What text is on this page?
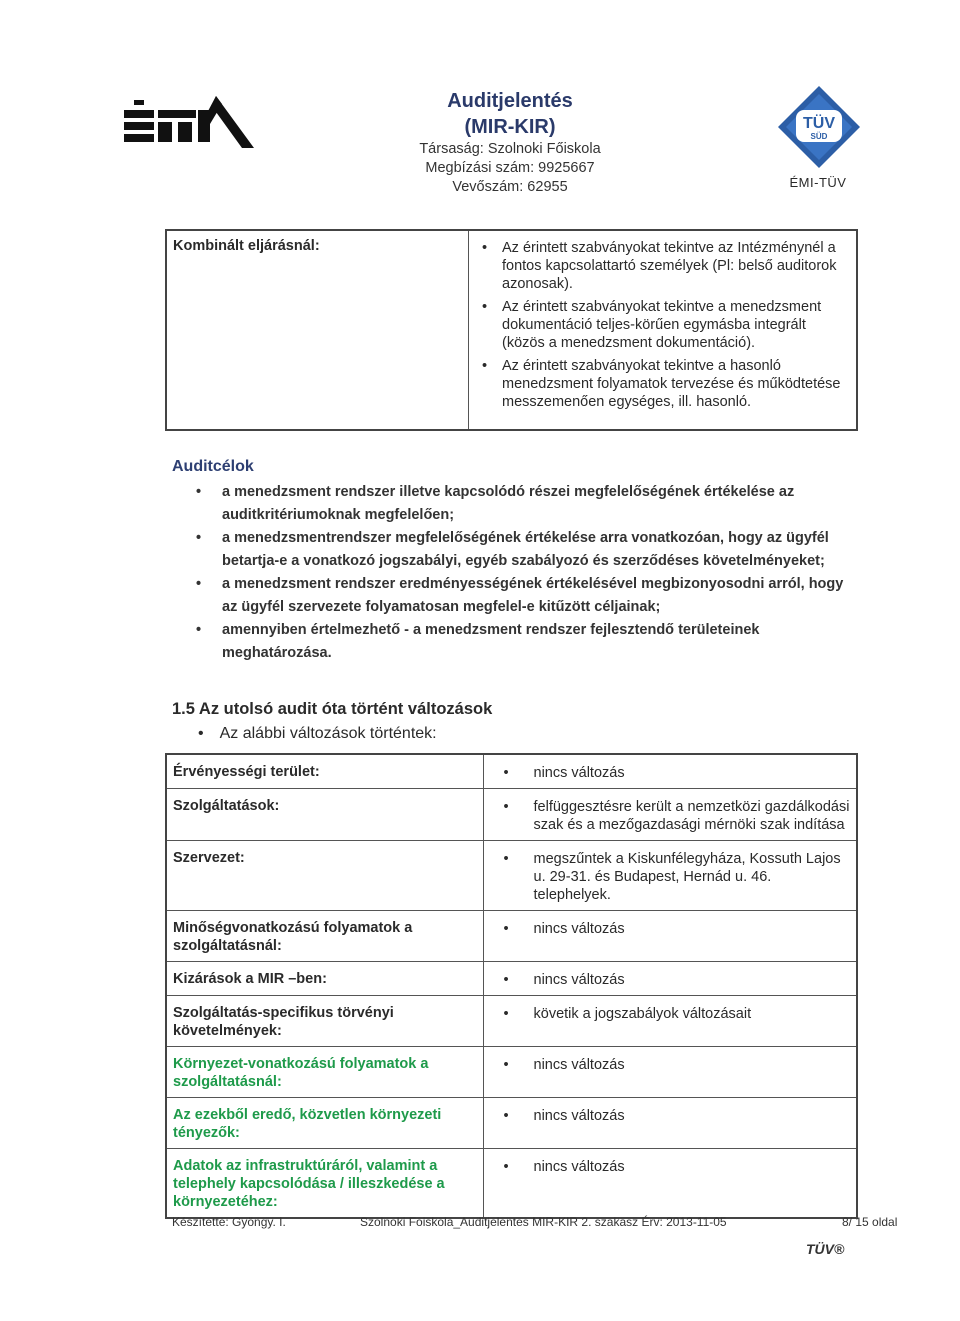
Auditjelentés
(MIR-KIR)
Társaság: Szolnoki Főiskola
Megbízási szám: 9925667
Vevőszám: 62955
TÜV
SÜD
ÉMI-TÜV
Kombinált eljárásnál:	• Az érintett szabványokat tekintve az Intézménynél a fontos kapcsolattartó személyek (Pl: belső auditorok azonosak).
• Az érintett szabványokat tekintve a menedzsment dokumentáció teljes-körűen egymásba integrált (közös a menedzsment dokumentáció).
• Az érintett szabványokat tekintve a hasonló menedzsment folyamatok tervezése és működtetése messzemenően egységes, ill. hasonló.
Auditcélok
• a menedzsment rendszer illetve kapcsolódó részei megfelelőségének értékelése az auditkritériumoknak megfelelően;
• a menedzsmentrendszer megfelelőségének értékelése arra vonatkozóan, hogy az ügyfél betartja-e a vonatkozó jogszabályi, egyéb szabályozó és szerződéses követelményeket;
• a menedzsment rendszer eredményességének értékelésével megbizonyosodni arról, hogy az ügyfél szervezete folyamatosan megfelel-e kitűzött céljainak;
• amennyiben értelmezhető - a menedzsment rendszer fejlesztendő területeinek meghatározása.
1.5 Az utolsó audit óta történt változások
• Az alábbi változások történtek:
Érvényességi terület:	• nincs változás

Szolgáltatások:	• felfüggesztésre került a nemzetközi gazdálkodási szak és a mezőgazdasági mérnöki szak indítása

Szervezet:	• megszűntek a Kiskunfélegyháza, Kossuth Lajos u. 29-31. és Budapest, Hernád u. 46. telephelyek.

Minőségvonatkozású folyamatok a szolgáltatásnál:	• nincs változás

Kizárások a MIR –ben:	• nincs változás

Szolgáltatás-specifikus törvényi követelmények:	• követik a jogszabályok változásait

Környezet-vonatkozású folyamatok a szolgáltatásnál:	• nincs változás

Az ezekből eredő, közvetlen környezeti tényezők:	• nincs változás

Adatok az infrastruktúráról, valamint a telephely kapcsolódása / illeszkedése a környezetéhez:	• nincs változás
Készítette: Gyöngy. I.	Szolnoki Foiskola_Auditjelentes MIR-KIR 2. szakasz Érv: 2013-11-05	8/ 15 oldal
TÜV®
